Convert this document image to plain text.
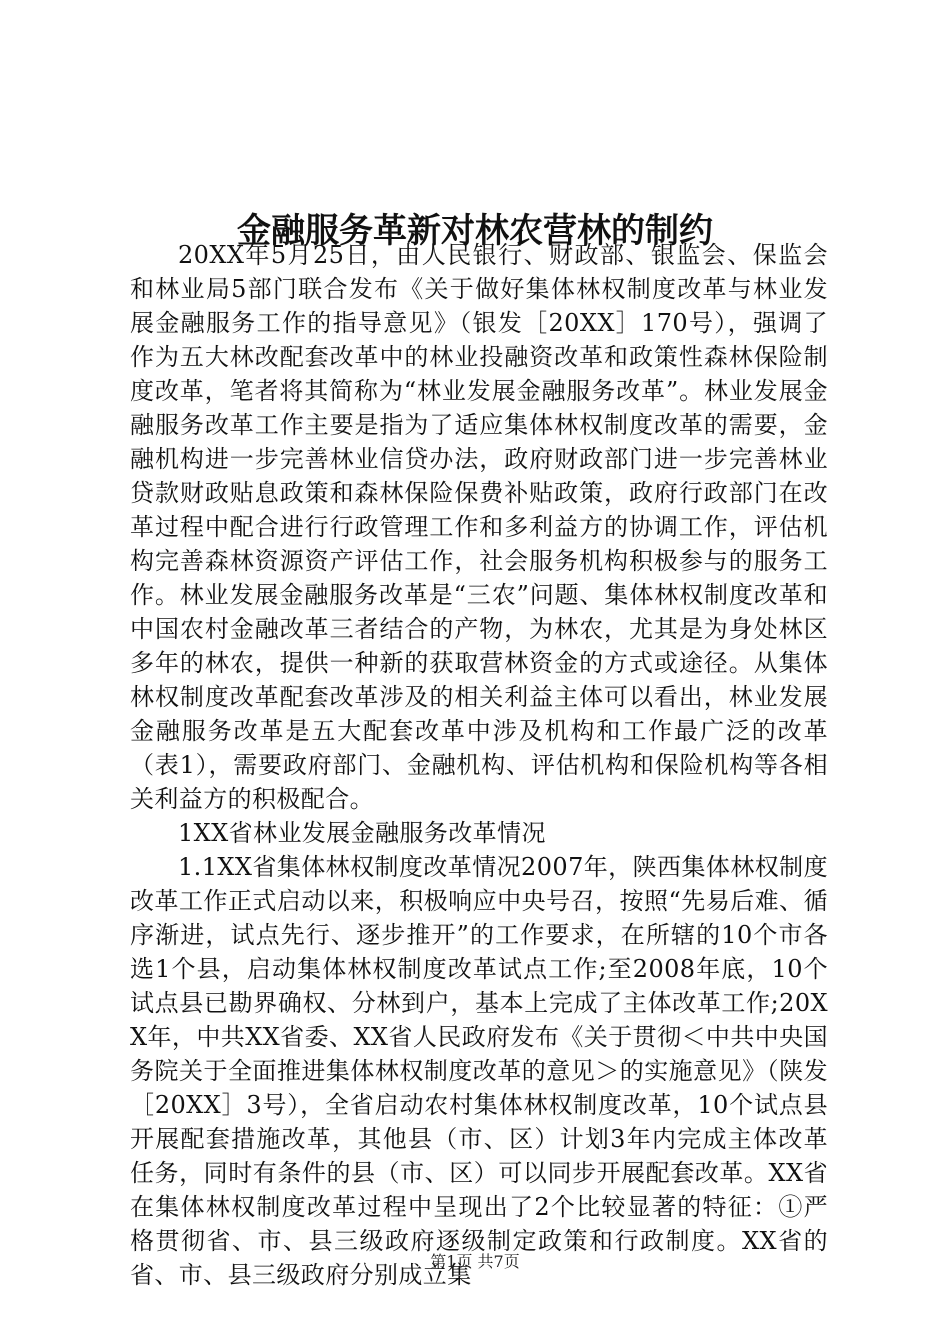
金融服务革新对林农营林的制约

20XX年5月25日，由人民银行、财政部、银监会、保监会和林业局5部门联合发布《关于做好集体林权制度改革与林业发展金融服务工作的指导意见》（银发［20XX］170号），强调了作为五大林改配套改革中的林业投融资改革和政策性森林保险制度改革，笔者将其简称为“林业发展金融服务改革”。林业发展金融服务改革工作主要是指为了适应集体林权制度改革的需要，金融机构进一步完善林业信贷办法，政府财政部门进一步完善林业贷款财政贴息政策和森林保险保费补贴政策，政府行政部门在改革过程中配合进行行政管理工作和多利益方的协调工作，评估机构完善森林资源资产评估工作，社会服务机构积极参与的服务工作。林业发展金融服务改革是“三农”问题、集体林权制度改革和中国农村金融改革三者结合的产物，为林农，尤其是为身处林区多年的林农，提供一种新的获取营林资金的方式或途径。从集体林权制度改革配套改革涉及的相关利益主体可以看出，林业发展金融服务改革是五大配套改革中涉及机构和工作最广泛的改革（表1），需要政府部门、金融机构、评估机构和保险机构等各相关利益方的积极配合。

1XX省林业发展金融服务改革情况

1.1XX省集体林权制度改革情况2007年，陕西集体林权制度改革工作正式启动以来，积极响应中央号召，按照“先易后难、循序渐进，试点先行、逐步推开”的工作要求，在所辖的10个市各选1个县，启动集体林权制度改革试点工作;至2008年底，10个试点县已勘界确权、分林到户，基本上完成了主体改革工作;20XX年，中共XX省委、XX省人民政府发布《关于贯彻＜中共中央国务院关于全面推进集体林权制度改革的意见＞的实施意见》（陕发［20XX］3号），全省启动农村集体林权制度改革，10个试点县开展配套措施改革，其他县（市、区）计划3年内完成主体改革任务，同时有条件的县（市、区）可以同步开展配套改革。XX省在集体林权制度改革过程中呈现出了2个比较显著的特征：①严格贯彻省、市、县三级政府逐级制定政策和行政制度。XX省的省、市、县三级政府分别成立集

第1页 共7页
